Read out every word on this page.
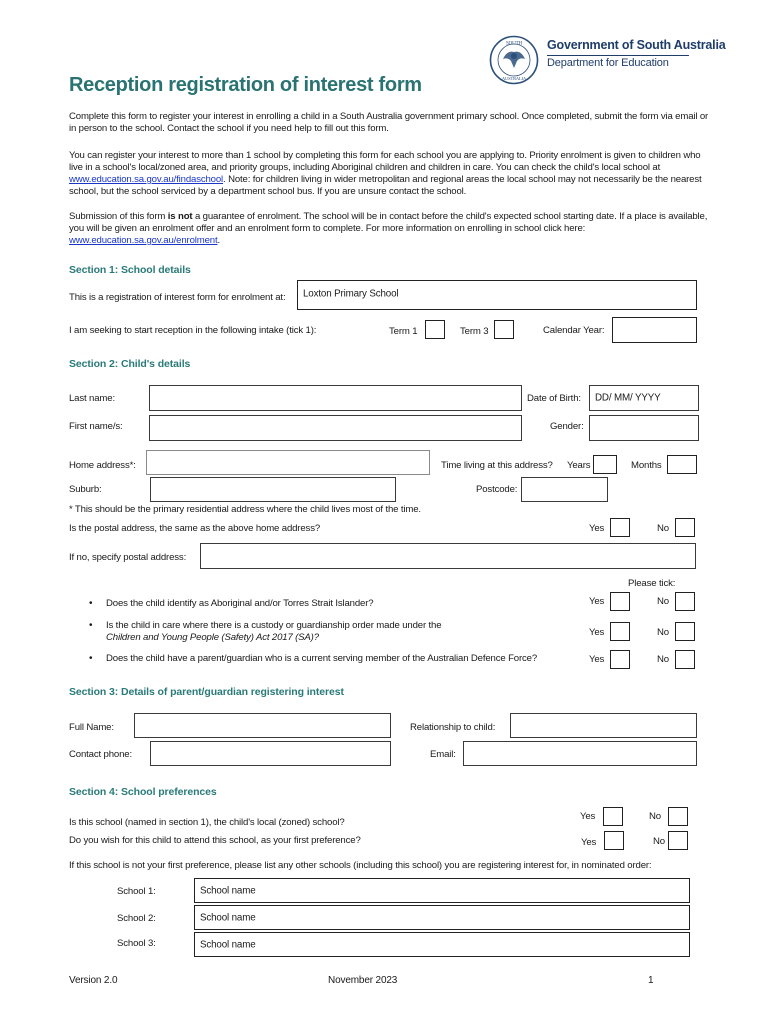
SOUTH
AUSTRALIA
Government of South Australia
Department for Education
Reception registration of interest form
Complete this form to register your interest in enrolling a child in a South Australia government primary school. Once completed, submit the form via email or in person to the school. Contact the school if you need help to fill out this form.
You can register your interest to more than 1 school by completing this form for each school you are applying to. Priority enrolment is given to children who live in a school's local/zoned area, and priority groups, including Aboriginal children and children in care. You can check the child's local school at www.education.sa.gov.au/findaschool. Note: for children living in wider metropolitan and regional areas the local school may not necessarily be the nearest school, but the school serviced by a department school bus. If you are unsure contact the school.
Submission of this form is not a guarantee of enrolment. The school will be in contact before the child's expected school starting date. If a place is available, you will be given an enrolment offer and an enrolment form to complete. For more information on enrolling in school click here: www.education.sa.gov.au/enrolment.
Section 1: School details
This is a registration of interest form for enrolment at: Loxton Primary School
I am seeking to start reception in the following intake (tick 1):	Term 1	Term 3	Calendar Year:
Section 2: Child's details
Last name:	Date of Birth: DD/ MM/ YYYY
First name/s:	Gender:
Home address*:	Time living at this address? Years	Months
Suburb:	Postcode:
* This should be the primary residential address where the child lives most of the time.
Is the postal address, the same as the above home address?	Yes	No
If no, specify postal address:
Please tick:
• Does the child identify as Aboriginal and/or Torres Strait Islander?	Yes	No
• Is the child in care where there is a custody or guardianship order made under the
Children and Young People (Safety) Act 2017 (SA)?	Yes	No
• Does the child have a parent/guardian who is a current serving member of the Australian Defence Force?	Yes	No
Section 3: Details of parent/guardian registering interest
Full Name:	Relationship to child:
Contact phone:	Email:
Section 4: School preferences
Is this school (named in section 1), the child's local (zoned) school?
Yes	No
Do you wish for this child to attend this school, as your first preference?	Yes	No
If this school is not your first preference, please list any other schools (including this school) you are registering interest for, in nominated order:
School 1:	School name
School 2:	School name
School 3:	School name
Version 2.0	November 2023	1
